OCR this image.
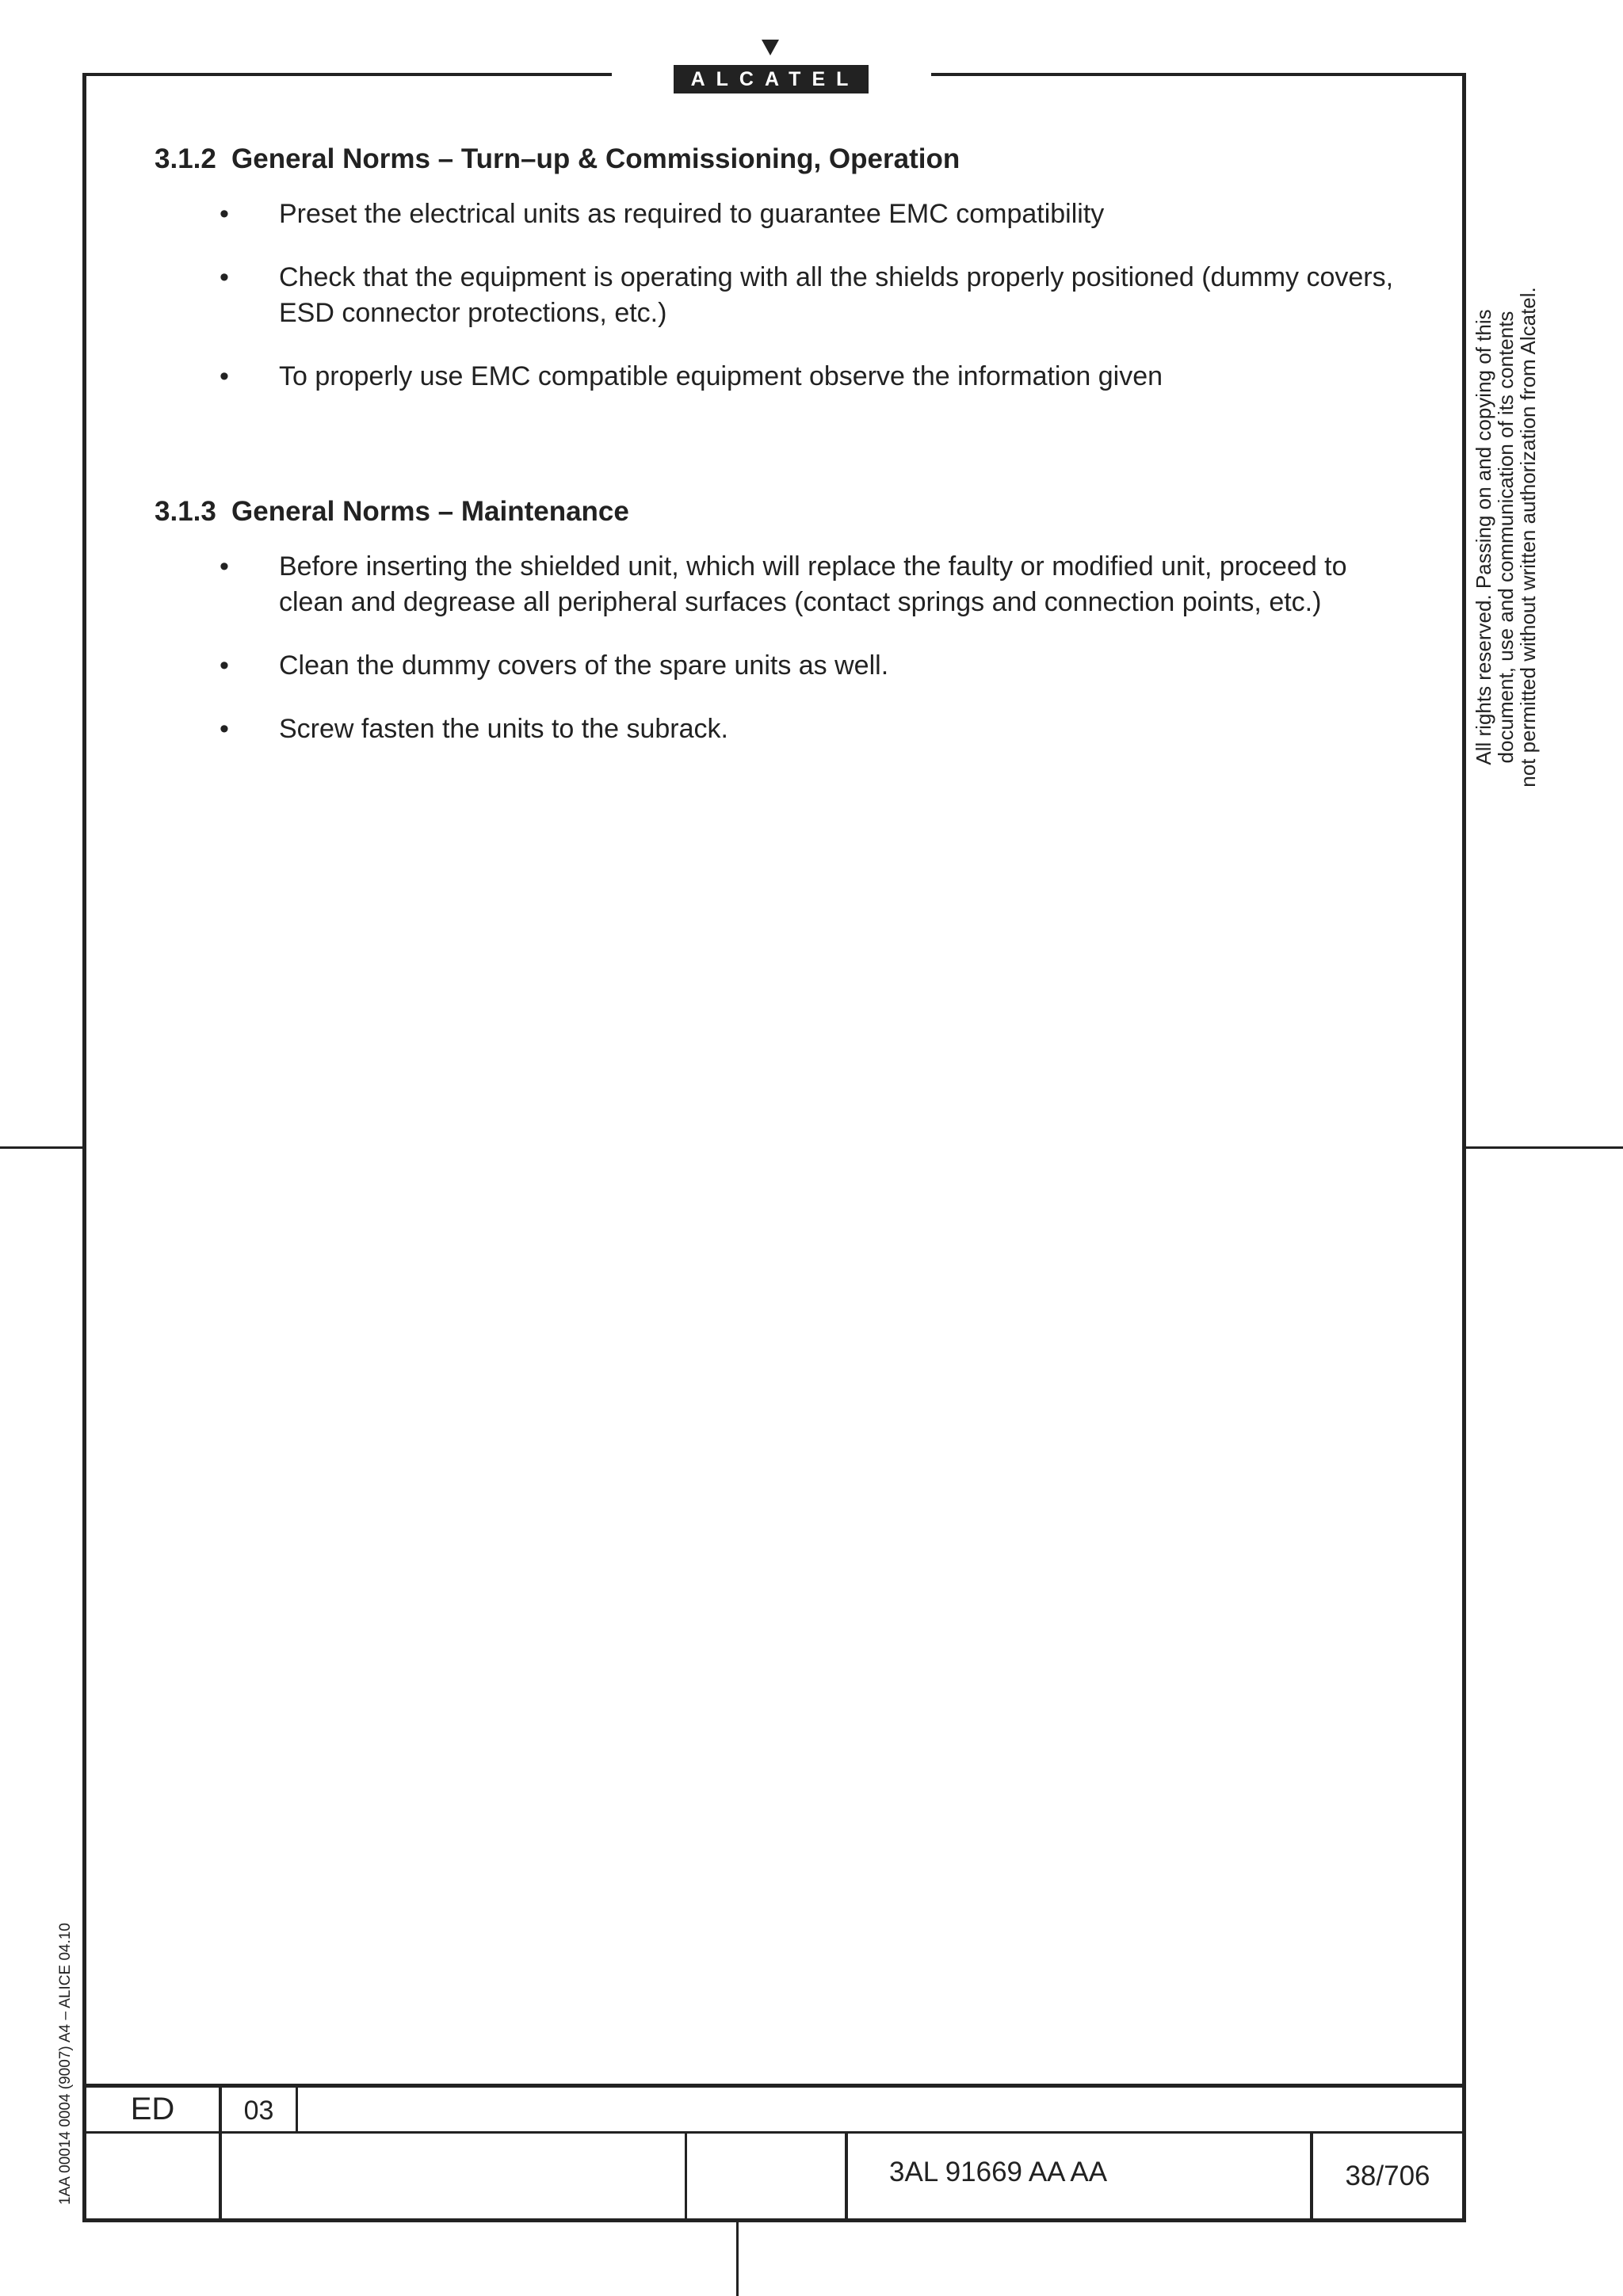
ALCATEL
3.1.2 General Norms – Turn–up & Commissioning, Operation
• Preset the electrical units as required to guarantee EMC compatibility
• Check that the equipment is operating with all the shields properly positioned (dummy covers, ESD connector protections, etc.)
• To properly use EMC compatible equipment observe the information given
3.1.3 General Norms – Maintenance
• Before inserting the shielded unit, which will replace the faulty or modified unit, proceed to clean and degrease all peripheral surfaces (contact springs and connection points, etc.)
• Clean the dummy covers of the spare units as well.
• Screw fasten the units to the subrack.	All rights reserved. Passing on and copying of this
document, use and communication of its contents
not permitted without written authorization from Alcatel.
1AA 00014 0004 (9007) A4 – ALICE 04.10	ED	03
3AL 91669 AA AA	38/706
